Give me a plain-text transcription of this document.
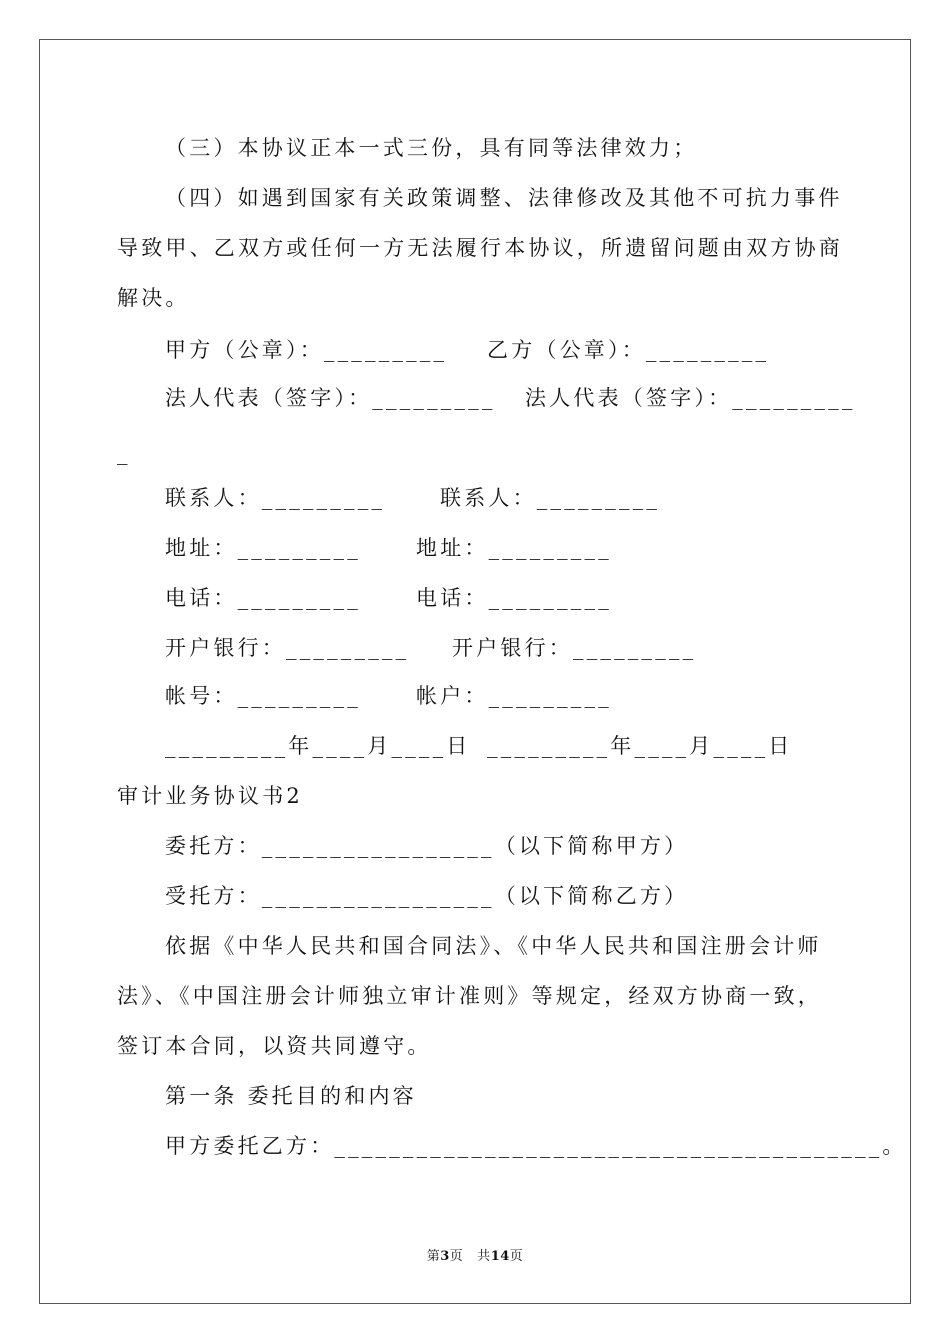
（三）本协议正本一式三份，具有同等法律效力；
（四）如遇到国家有关政策调整、法律修改及其他不可抗力事件
导致甲、乙双方或任何一方无法履行本协议，所遗留问题由双方协商
解决。
甲方（公章）：_________ 乙方（公章）：_________
法人代表（签字）：_________ 法人代表（签字）：_________
_
联系人：_________	联系人：_________
地址：_________	地址：_________
电话：_________	电话：_________
开户银行：_________ 开户银行：_________
帐号：_________	帐户：_________
_________年____月____日 _________年____月____日
审计业务协议书2
委托方：_________________（以下简称甲方）
受托方：_________________（以下简称乙方）
依据《中华人民共和国合同法》、《中华人民共和国注册会计师
法》、《中国注册会计师独立审计准则》等规定，经双方协商一致，
签订本合同，以资共同遵守。
第一条 委托目的和内容
甲方委托乙方：________________________________________。
第3页 共14页
